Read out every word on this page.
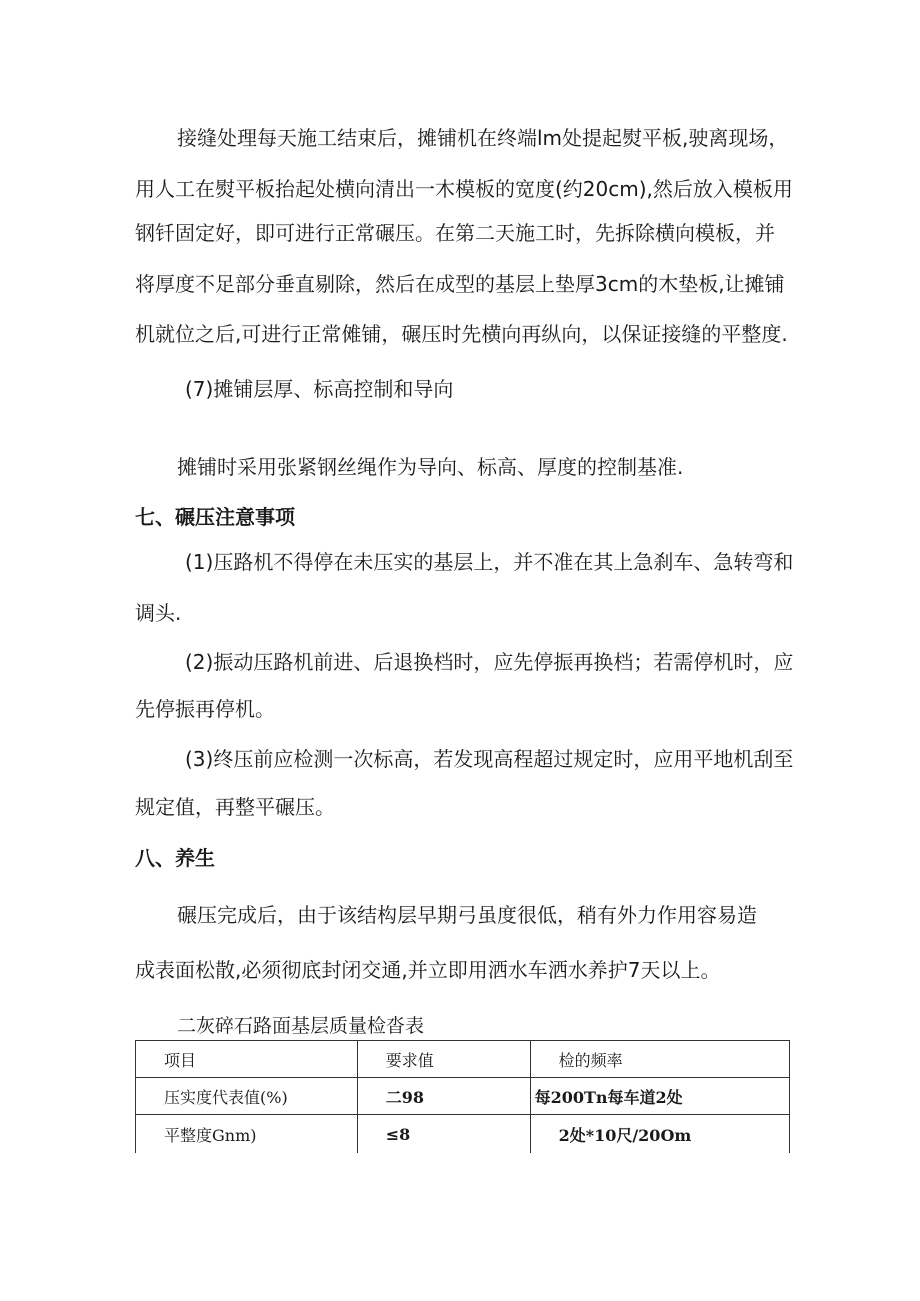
接缝处理每天施工结束后，摊铺机在终端lm处提起熨平板,驶离现场，
用人工在熨平板抬起处横向清出一木模板的宽度(约20cm),然后放入模板用
钢钎固定好，即可进行正常碾压。在第二天施工时，先拆除横向模板，并
将厚度不足部分垂直剔除，然后在成型的基层上垫厚3cm的木垫板,让摊铺
机就位之后,可进行正常傩铺，碾压时先横向再纵向，以保证接缝的平整度.
(7)摊铺层厚、标高控制和导向
摊铺时采用张紧钢丝绳作为导向、标高、厚度的控制基准.
七、碾压注意事项
(1)压路机不得停在未压实的基层上，并不准在其上急刹车、急转弯和
调头.
(2)振动压路机前进、后退换档时，应先停振再换档；若需停机时，应
先停振再停机。
(3)终压前应检测一次标高，若发现高程超过规定时，应用平地机刮至
规定值，再整平碾压。
八、养生
碾压完成后，由于该结构层早期弓虽度很低，稍有外力作用容易造
成表面松散,必须彻底封闭交通,并立即用洒水车洒水养护7天以上。
二灰碎石路面基层质量检沓表
项目	要求值	检的频率
压实度代表值(%)	二98	每200Tn每车道2处
平整度Gnm)	≤8	2处*10尺/20Om
